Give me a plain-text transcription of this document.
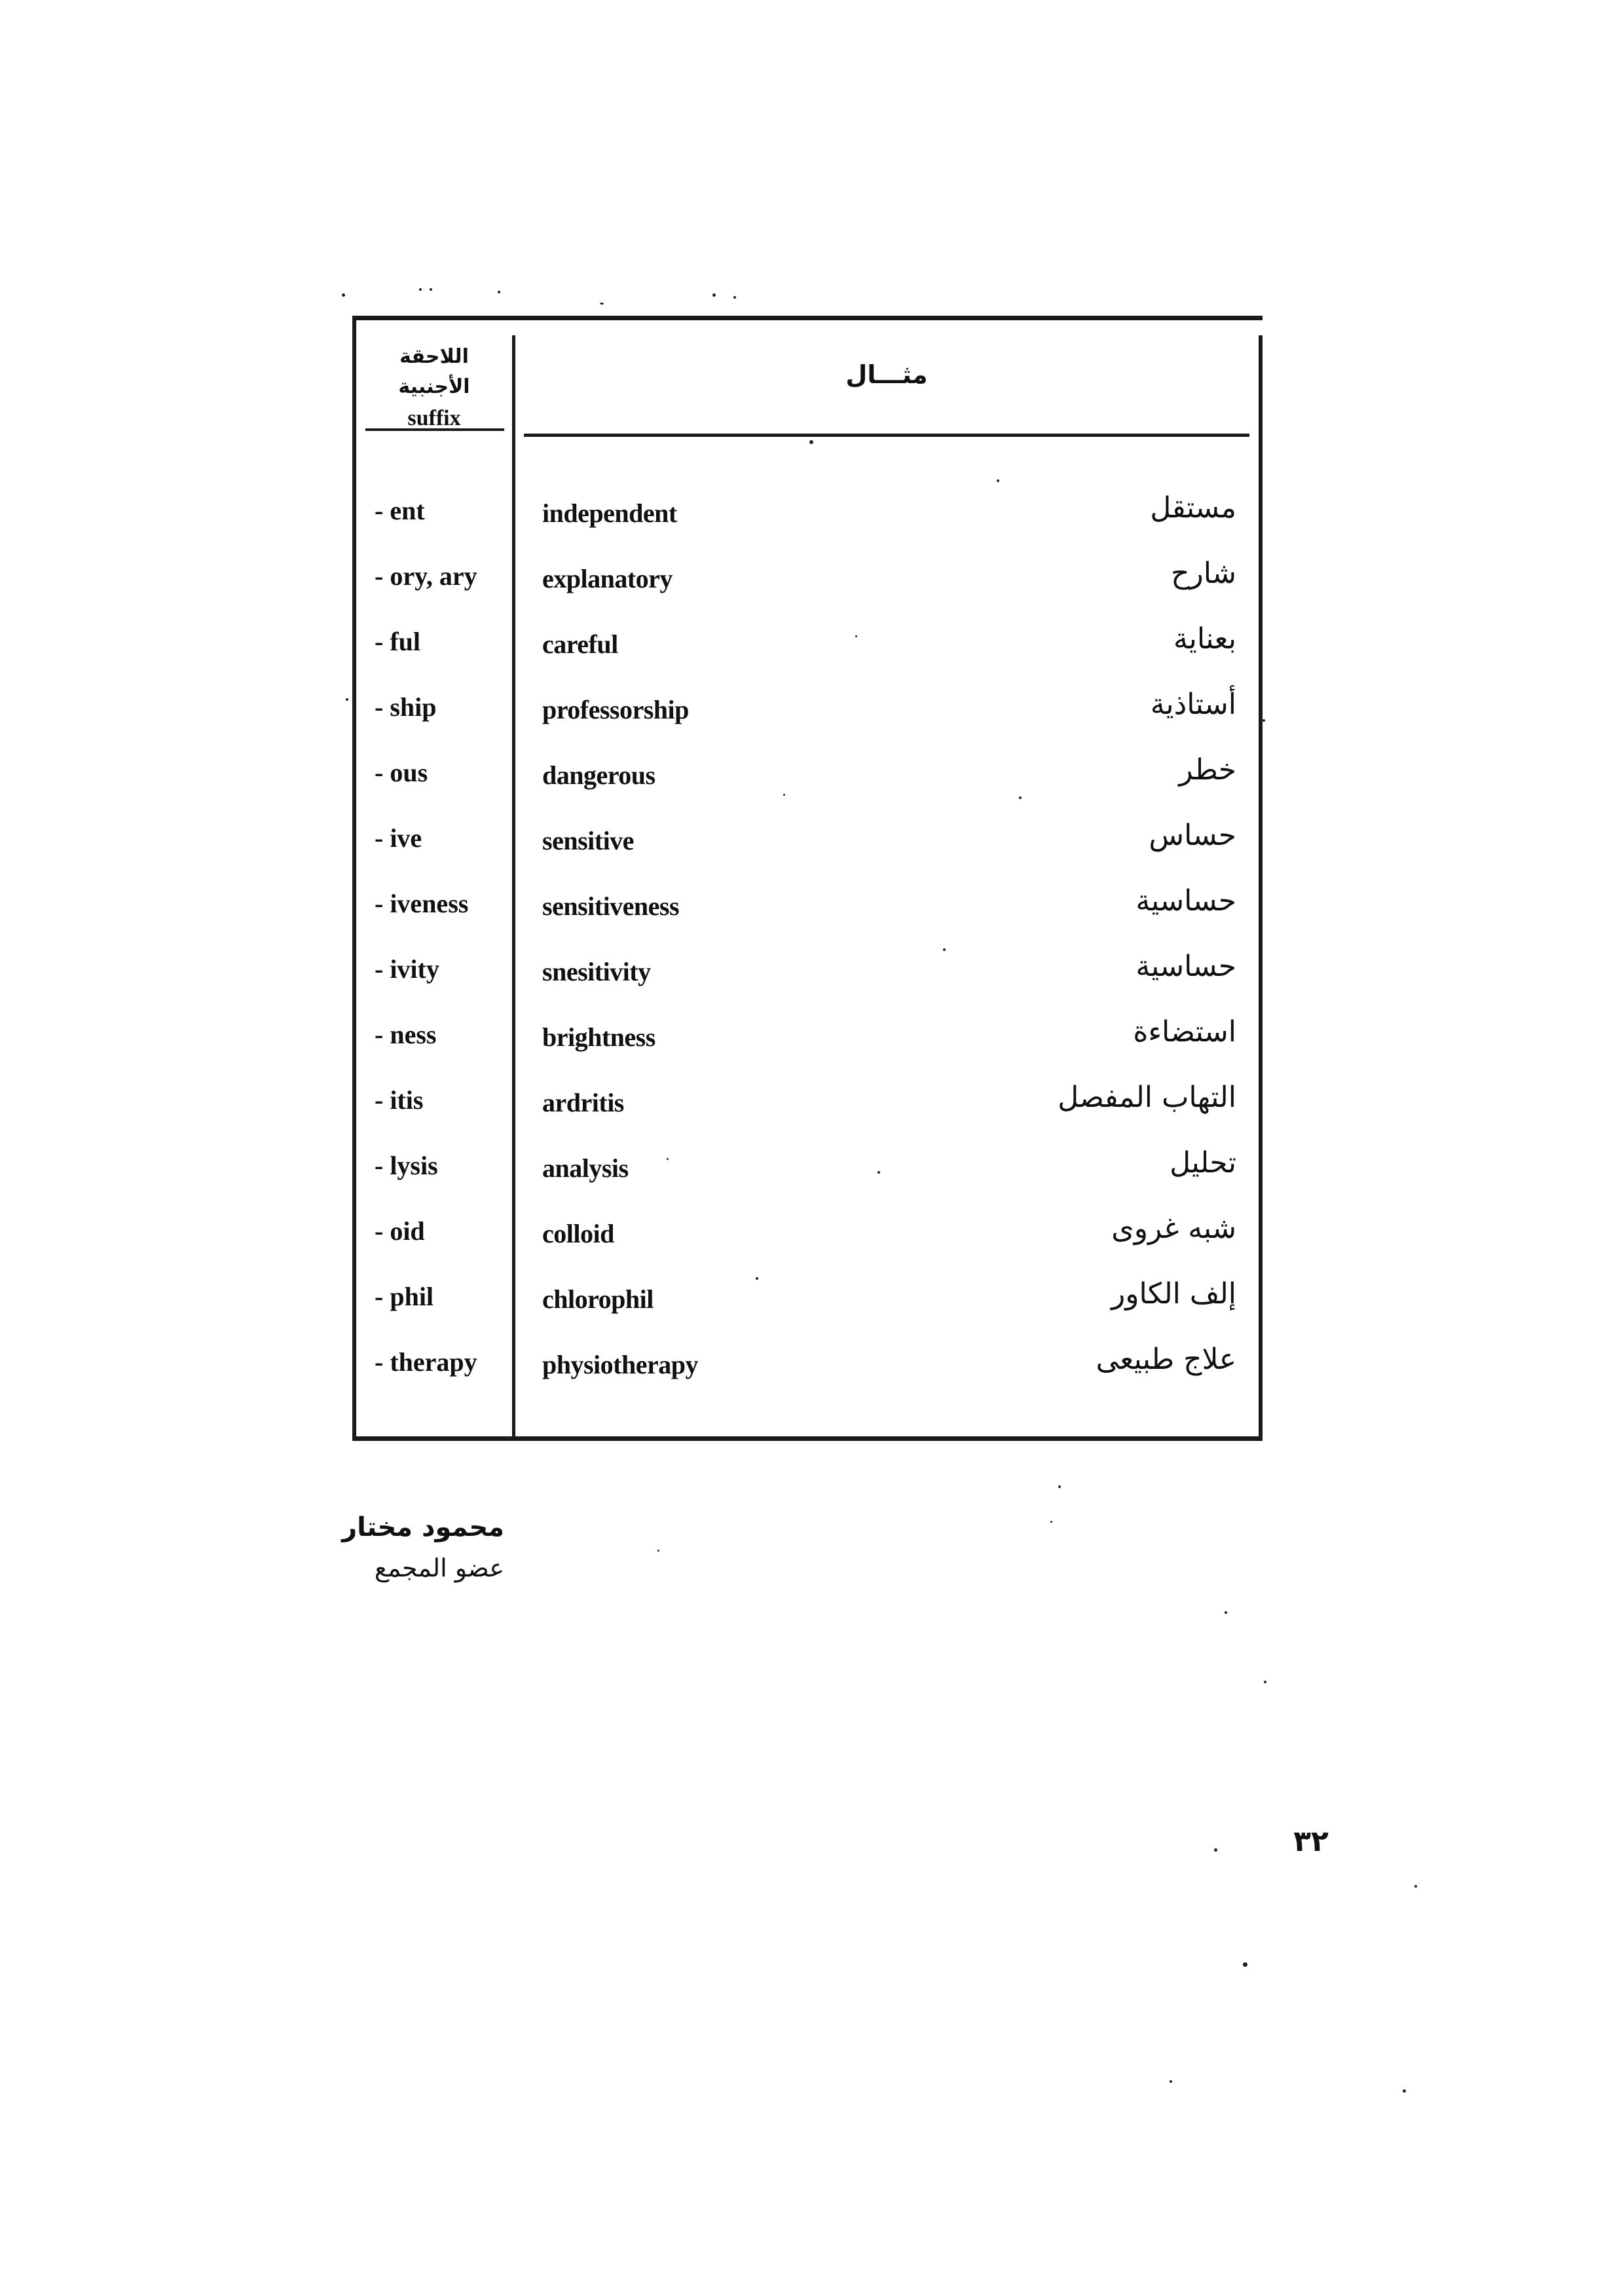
اللاحقة الأجنبية
suffix
مثـــال
- ent	independent	مستقل
- ory, ary	explanatory	شارح
- ful	careful	بعناية
- ship	professorship	أستاذية
- ous	dangerous	خطر
- ive	sensitive	حساس
- iveness	sensitiveness	حساسية
- ivity	snesitivity	حساسية
- ness	brightness	استضاءة
- itis	ardritis	التهاب المفصل
- lysis	analysis	تحليل
- oid	colloid	شبه غروى
- phil	chlorophil	إلف الكاور
- therapy	physiotherapy	علاج طبيعى
محمود مختار
عضو المجمع
٣٢
